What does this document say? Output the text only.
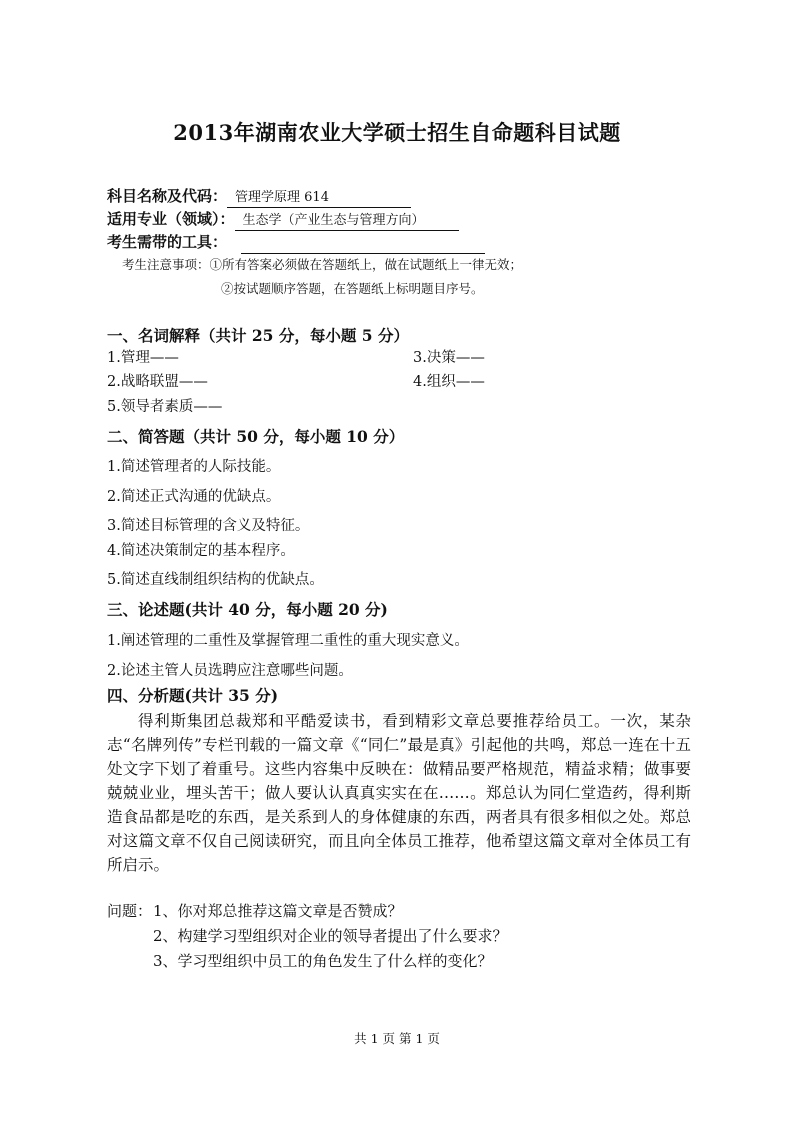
2013年湖南农业大学硕士招生自命题科目试题
科目名称及代码： 管理学原理 614
适用专业（领域）： 生态学（产业生态与管理方向）
考生需带的工具：
考生注意事项：①所有答案必须做在答题纸上，做在试题纸上一律无效；
②按试题顺序答题，在答题纸上标明题目序号。
一、名词解释（共计 25 分，每小题 5 分）
1.管理——	3.决策——
2.战略联盟——	4.组织——
5.领导者素质——
二、简答题（共计 50 分，每小题 10 分）
1.简述管理者的人际技能。
2.简述正式沟通的优缺点。
3.简述目标管理的含义及特征。
4.简述决策制定的基本程序。
5.简述直线制组织结构的优缺点。
三、论述题(共计 40 分，每小题 20 分)
1.阐述管理的二重性及掌握管理二重性的重大现实意义。
2.论述主管人员选聘应注意哪些问题。
四、分析题(共计 35 分)
得利斯集团总裁郑和平酷爱读书，看到精彩文章总要推荐给员工。一次，某杂志“名牌列传”专栏刊载的一篇文章《“同仁”最是真》引起他的共鸣，郑总一连在十五处文字下划了着重号。这些内容集中反映在：做精品要严格规范，精益求精；做事要兢兢业业，埋头苦干；做人要认认真真实实在在……。郑总认为同仁堂造药，得利斯造食品都是吃的东西，是关系到人的身体健康的东西，两者具有很多相似之处。郑总对这篇文章不仅自己阅读研究，而且向全体员工推荐，他希望这篇文章对全体员工有所启示。
问题： 1、你对郑总推荐这篇文章是否赞成？
2、构建学习型组织对企业的领导者提出了什么要求？
3、学习型组织中员工的角色发生了什么样的变化？
共 1 页 第 1 页
